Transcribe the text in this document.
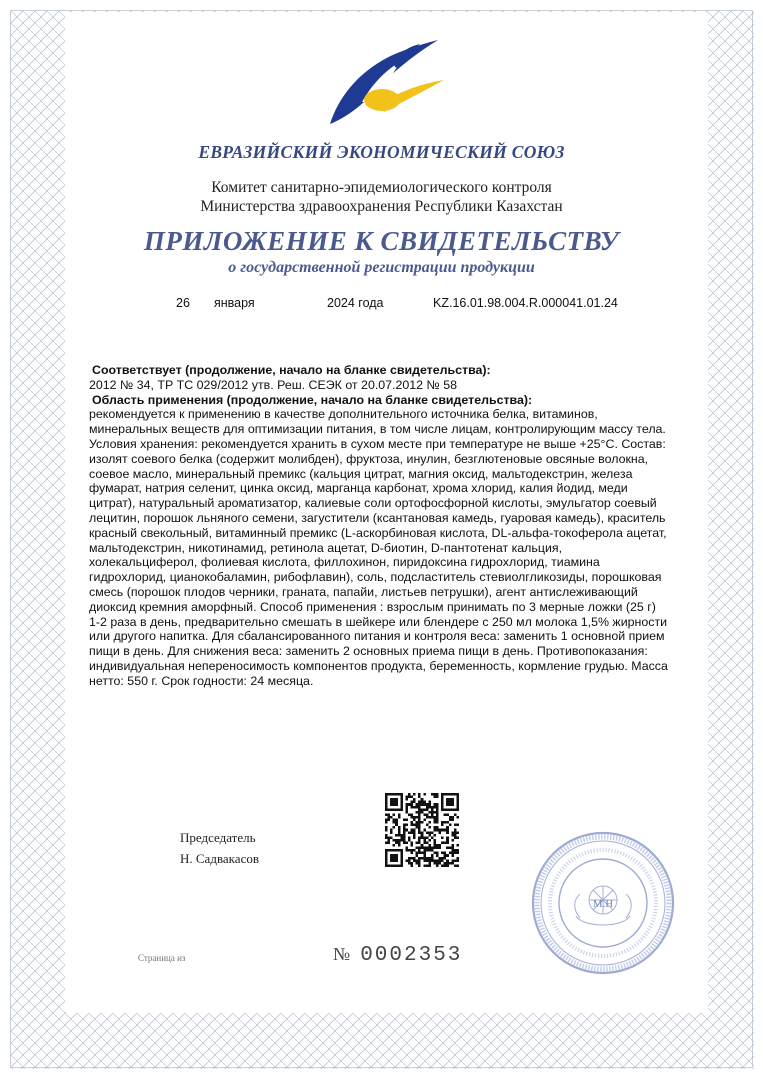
ЕВРАЗИЙСКИЙ ЭКОНОМИЧЕСКИЙ СОЮЗ
Комитет санитарно-эпидемиологического контроля
Министерства здравоохранения Республики Казахстан
ПРИЛОЖЕНИЕ К СВИДЕТЕЛЬСТВУ
о государственной регистрации продукции
26 января	2024 года	KZ.16.01.98.004.R.000041.01.24

Соответствует (продолжение, начало на бланке свидетельства):

2012 № 34, ТР ТС 029/2012 утв. Реш. СЕЭК от 20.07.2012 № 58

Область применения (продолжение, начало на бланке свидетельства):

рекомендуется к применению в качестве дополнительного источника белка, витаминов, минеральных веществ для оптимизации питания, в том числе лицам, контролирующим массу тела. Условия хранения: рекомендуется хранить в сухом месте при температуре не выше +25°С. Состав: изолят соевого белка (содержит молибден), фруктоза, инулин, безглютеновые овсяные волокна, соевое масло, минеральный премикс (кальция цитрат, магния оксид, мальтодекстрин, железа фумарат, натрия селенит, цинка оксид, марганца карбонат, хрома хлорид, калия йодид, меди цитрат), натуральный ароматизатор, калиевые соли ортофосфорной кислоты, эмульгатор соевый лецитин, порошок льняного семени, загустители (ксантановая камедь, гуаровая камедь), краситель красный свекольный, витаминный премикс (L-аскорбиновая кислота, DL-альфа-токоферола ацетат, мальтодекстрин, никотинамид, ретинола ацетат, D-биотин, D-пантотенат кальция, холекальциферол, фолиевая кислота, филлохинон, пиридоксина гидрохлорид, тиамина гидрохлорид, цианокобаламин, рибофлавин), соль, подсластитель стевиолгликозиды, порошковая смесь (порошок плодов черники, граната, папайи, листьев петрушки), агент антислеживающий диоксид кремния аморфный. Способ применения : взрослым принимать по 3 мерные ложки (25 г) 1-2 раза в день, предварительно смешать в шейкере или блендере с 250 мл молока 1,5% жирности или другого напитка. Для сбалансированного питания и контроля веса: заменить 1 основной прием пищи в день. Для снижения веса: заменить 2 основных приема пищи в день. Противопоказания: индивидуальная непереносимость компонентов продукта, беременность, кормление грудью. Масса нетто: 550 г. Срок годности: 24 месяца.

Председатель
Н. Садвакасов
Страница из	№ 0002353
М.Н
